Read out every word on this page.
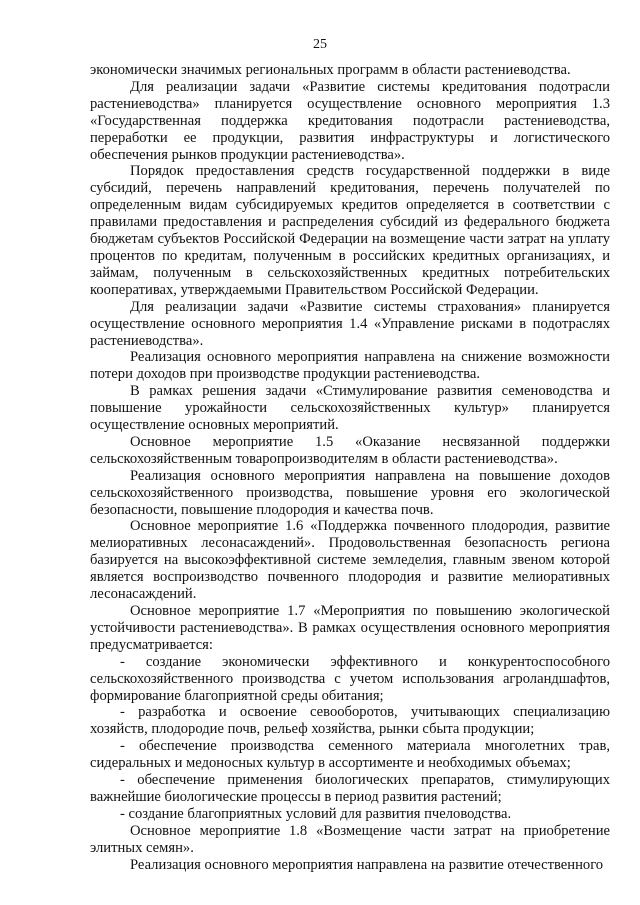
25

экономически значимых региональных программ в области растениеводства.

Для реализации задачи «Развитие системы кредитования подотрасли растениеводства» планируется осуществление основного мероприятия 1.3 «Государственная поддержка кредитования подотрасли растениеводства, переработки ее продукции, развития инфраструктуры и логистического обеспечения рынков продукции растениеводства».

Порядок предоставления средств государственной поддержки в виде субсидий, перечень направлений кредитования, перечень получателей по определенным видам субсидируемых кредитов определяется в соответствии с правилами предоставления и распределения субсидий из федерального бюджета бюджетам субъектов Российской Федерации на возмещение части затрат на уплату процентов по кредитам, полученным в российских кредитных организациях, и займам, полученным в сельскохозяйственных кредитных потребительских кооперативах, утверждаемыми Правительством Российской Федерации.

Для реализации задачи «Развитие системы страхования» планируется осуществление основного мероприятия 1.4 «Управление рисками в подотраслях растениеводства».

Реализация основного мероприятия направлена на снижение возможности потери доходов при производстве продукции растениеводства.

В рамках решения задачи «Стимулирование развития семеноводства и повышение урожайности сельскохозяйственных культур» планируется осуществление основных мероприятий.

Основное мероприятие 1.5 «Оказание несвязанной поддержки сельскохозяйственным товаропроизводителям в области растениеводства».

Реализация основного мероприятия направлена на повышение доходов сельскохозяйственного производства, повышение уровня его экологической безопасности, повышение плодородия и качества почв.

Основное мероприятие 1.6 «Поддержка почвенного плодородия, развитие мелиоративных лесонасаждений». Продовольственная безопасность региона базируется на высокоэффективной системе земледелия, главным звеном которой является воспроизводство почвенного плодородия и развитие мелиоративных лесонасаждений.

Основное мероприятие 1.7 «Мероприятия по повышению экологической устойчивости растениеводства». В рамках осуществления основного мероприятия предусматривается:

- создание экономически эффективного и конкурентоспособного сельскохозяйственного производства с учетом использования агроландшафтов, формирование благоприятной среды обитания;

- разработка и освоение севооборотов, учитывающих специализацию хозяйств, плодородие почв, рельеф хозяйства, рынки сбыта продукции;

- обеспечение производства семенного материала многолетних трав, сидеральных и медоносных культур в ассортименте и необходимых объемах;

- обеспечение применения биологических препаратов, стимулирующих важнейшие биологические процессы в период развития растений;

- создание благоприятных условий для развития пчеловодства.

Основное мероприятие 1.8 «Возмещение части затрат на приобретение элитных семян».

Реализация основного мероприятия направлена на развитие отечественного
